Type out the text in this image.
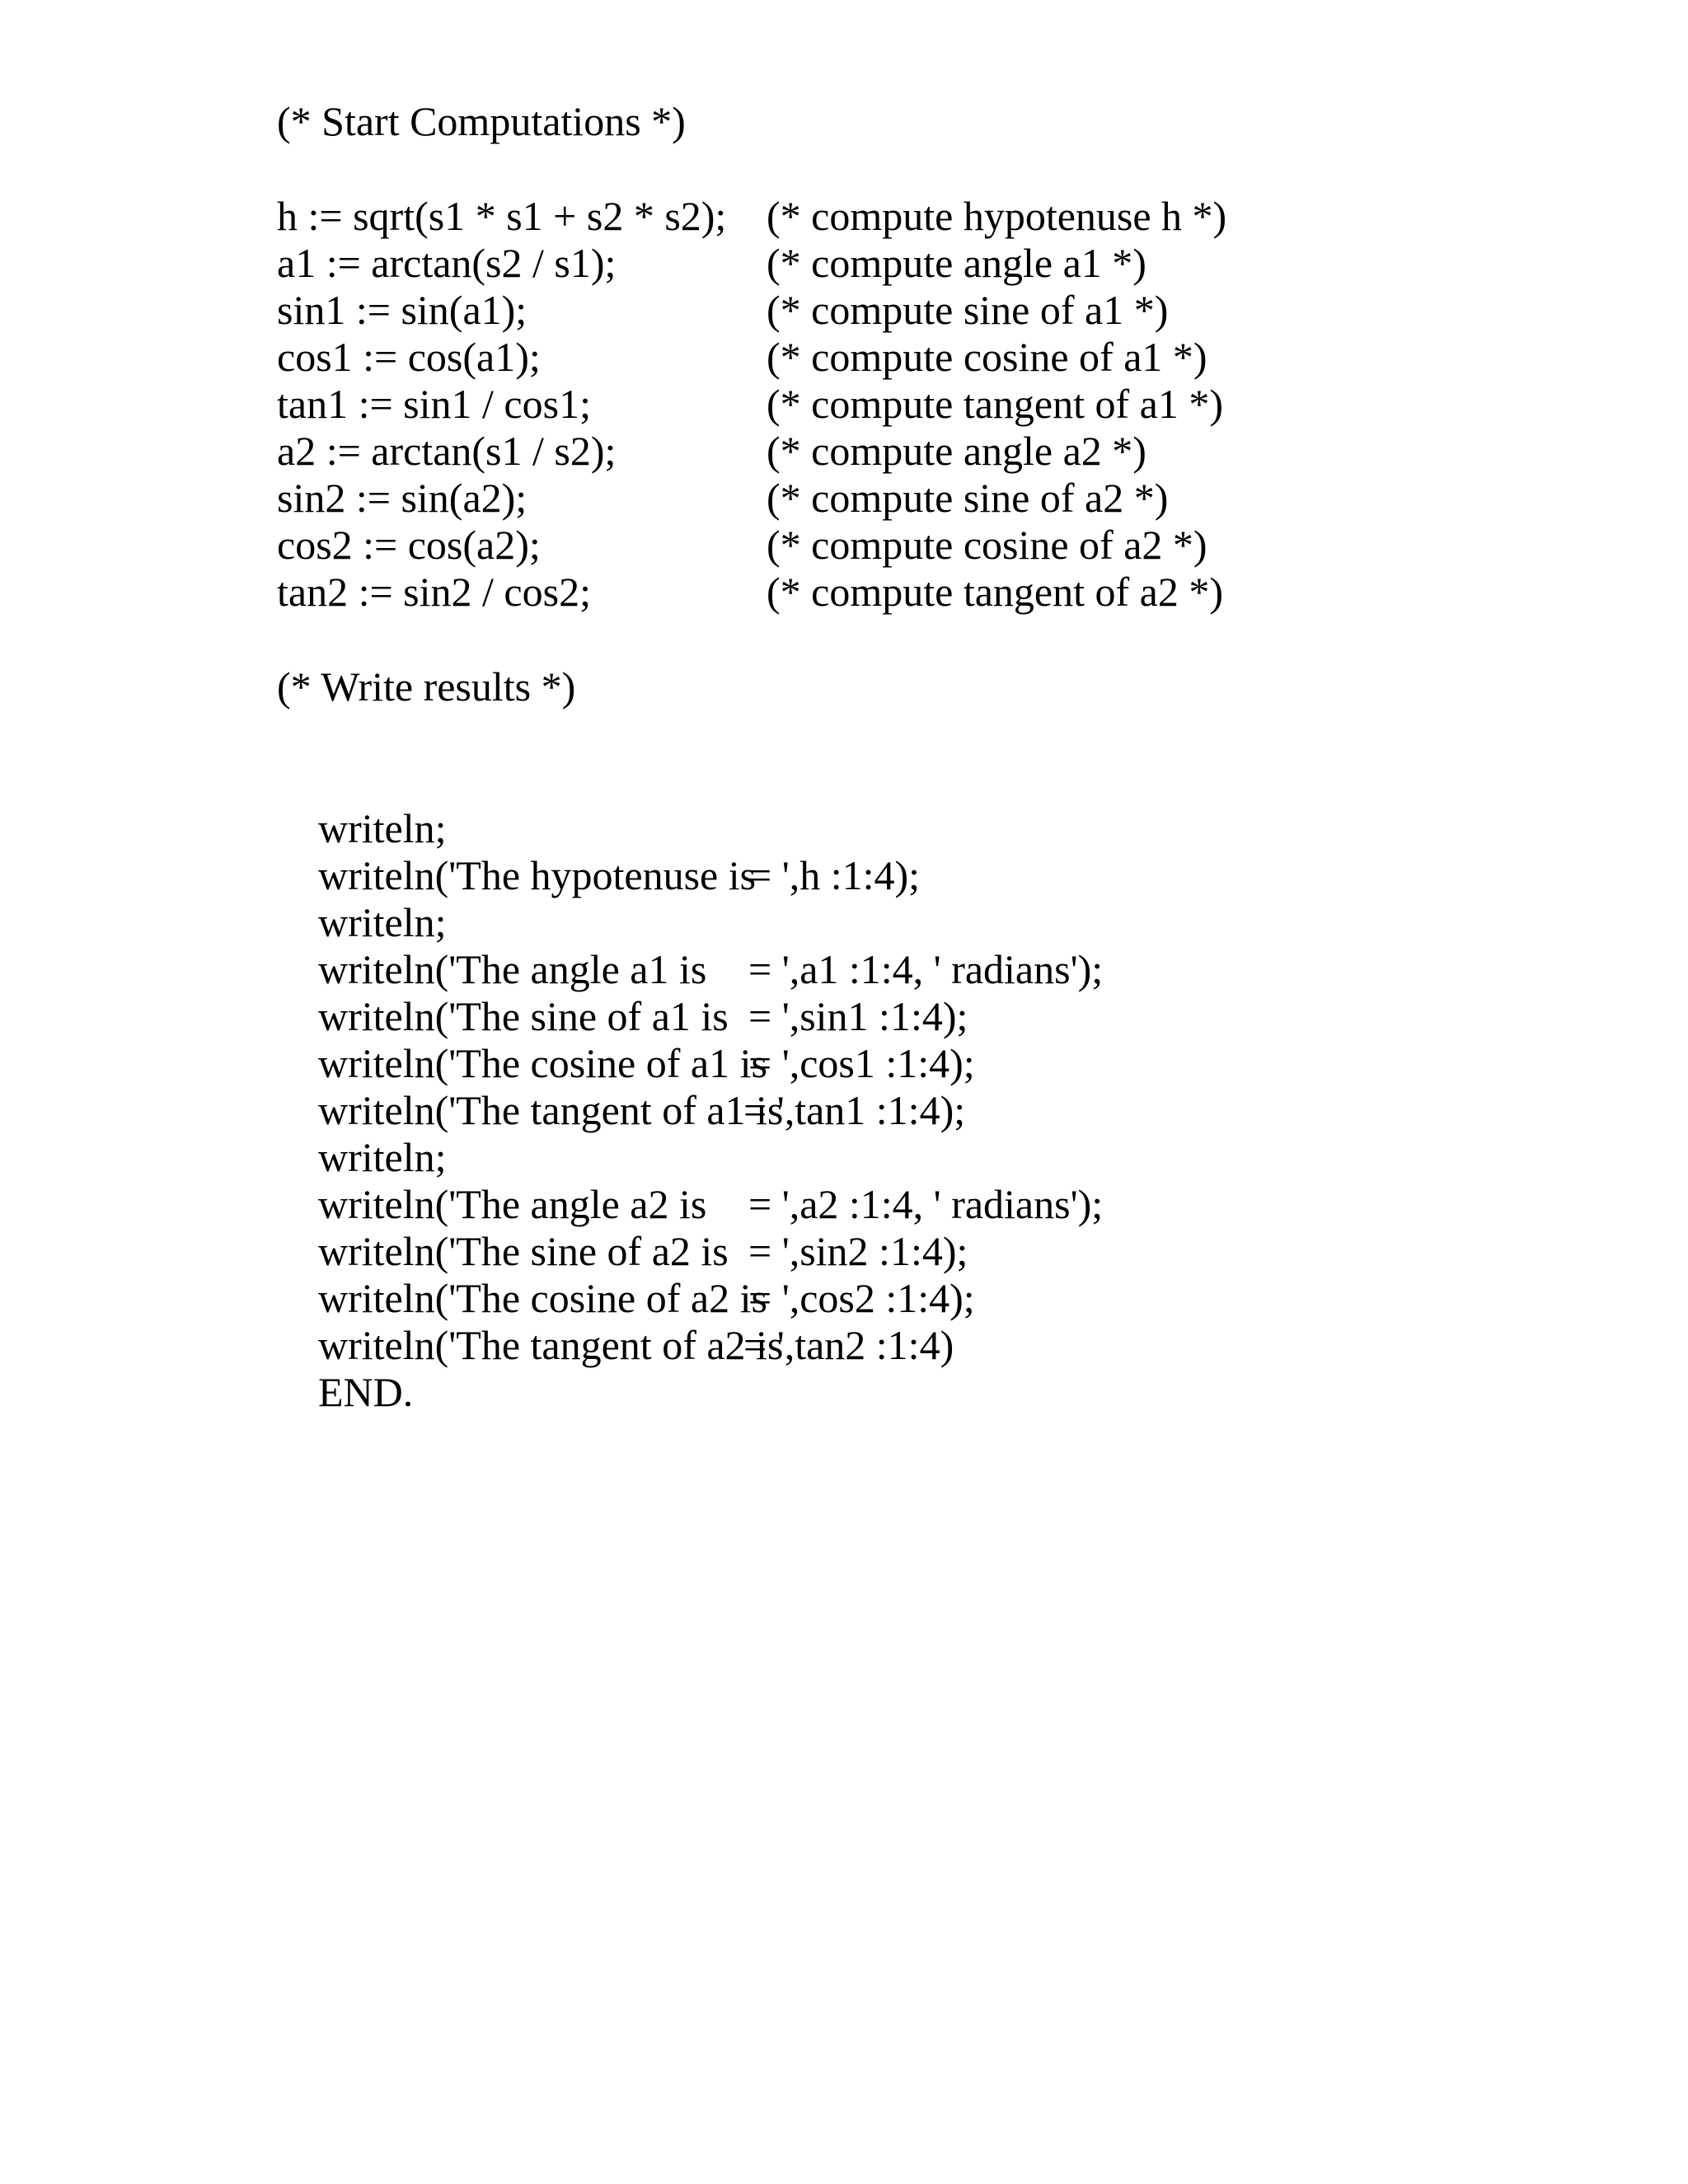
(* Start Computations *)
h := sqrt(s1 * s1 + s2 * s2); (* compute hypotenuse h *)
a1 := arctan(s2 / s1);	(* compute angle a1 *)
sin1 := sin(a1);	(* compute sine of a1 *)
cos1 := cos(a1);	(* compute cosine of a1 *)
tan1 := sin1 / cos1;	(* compute tangent of a1 *)
a2 := arctan(s1 / s2);	(* compute angle a2 *)
sin2 := sin(a2);	(* compute sine of a2 *)
cos2 := cos(a2);	(* compute cosine of a2 *)
tan2 := sin2 / cos2;	(* compute tangent of a2 *)
(* Write results *)

writeln;

writeln('The hypotenuse is
= ',h :1:4);

writeln;

writeln('The angle a1 is = ',a1 :1:4, ' radians');

writeln('The sine of a1 is = ',sin1 :1:4);

writeln('The cosine of a1 is
= ',cos1 :1:4);

writeln('The tangent of a1 is
= ',tan1 :1:4);

writeln;

writeln('The angle a2 is = ',a2 :1:4, ' radians');

writeln('The sine of a2 is = ',sin2 :1:4);

writeln('The cosine of a2 is
= ',cos2 :1:4);

writeln('The tangent of a2 is
= ',tan2 :1:4)

END.
